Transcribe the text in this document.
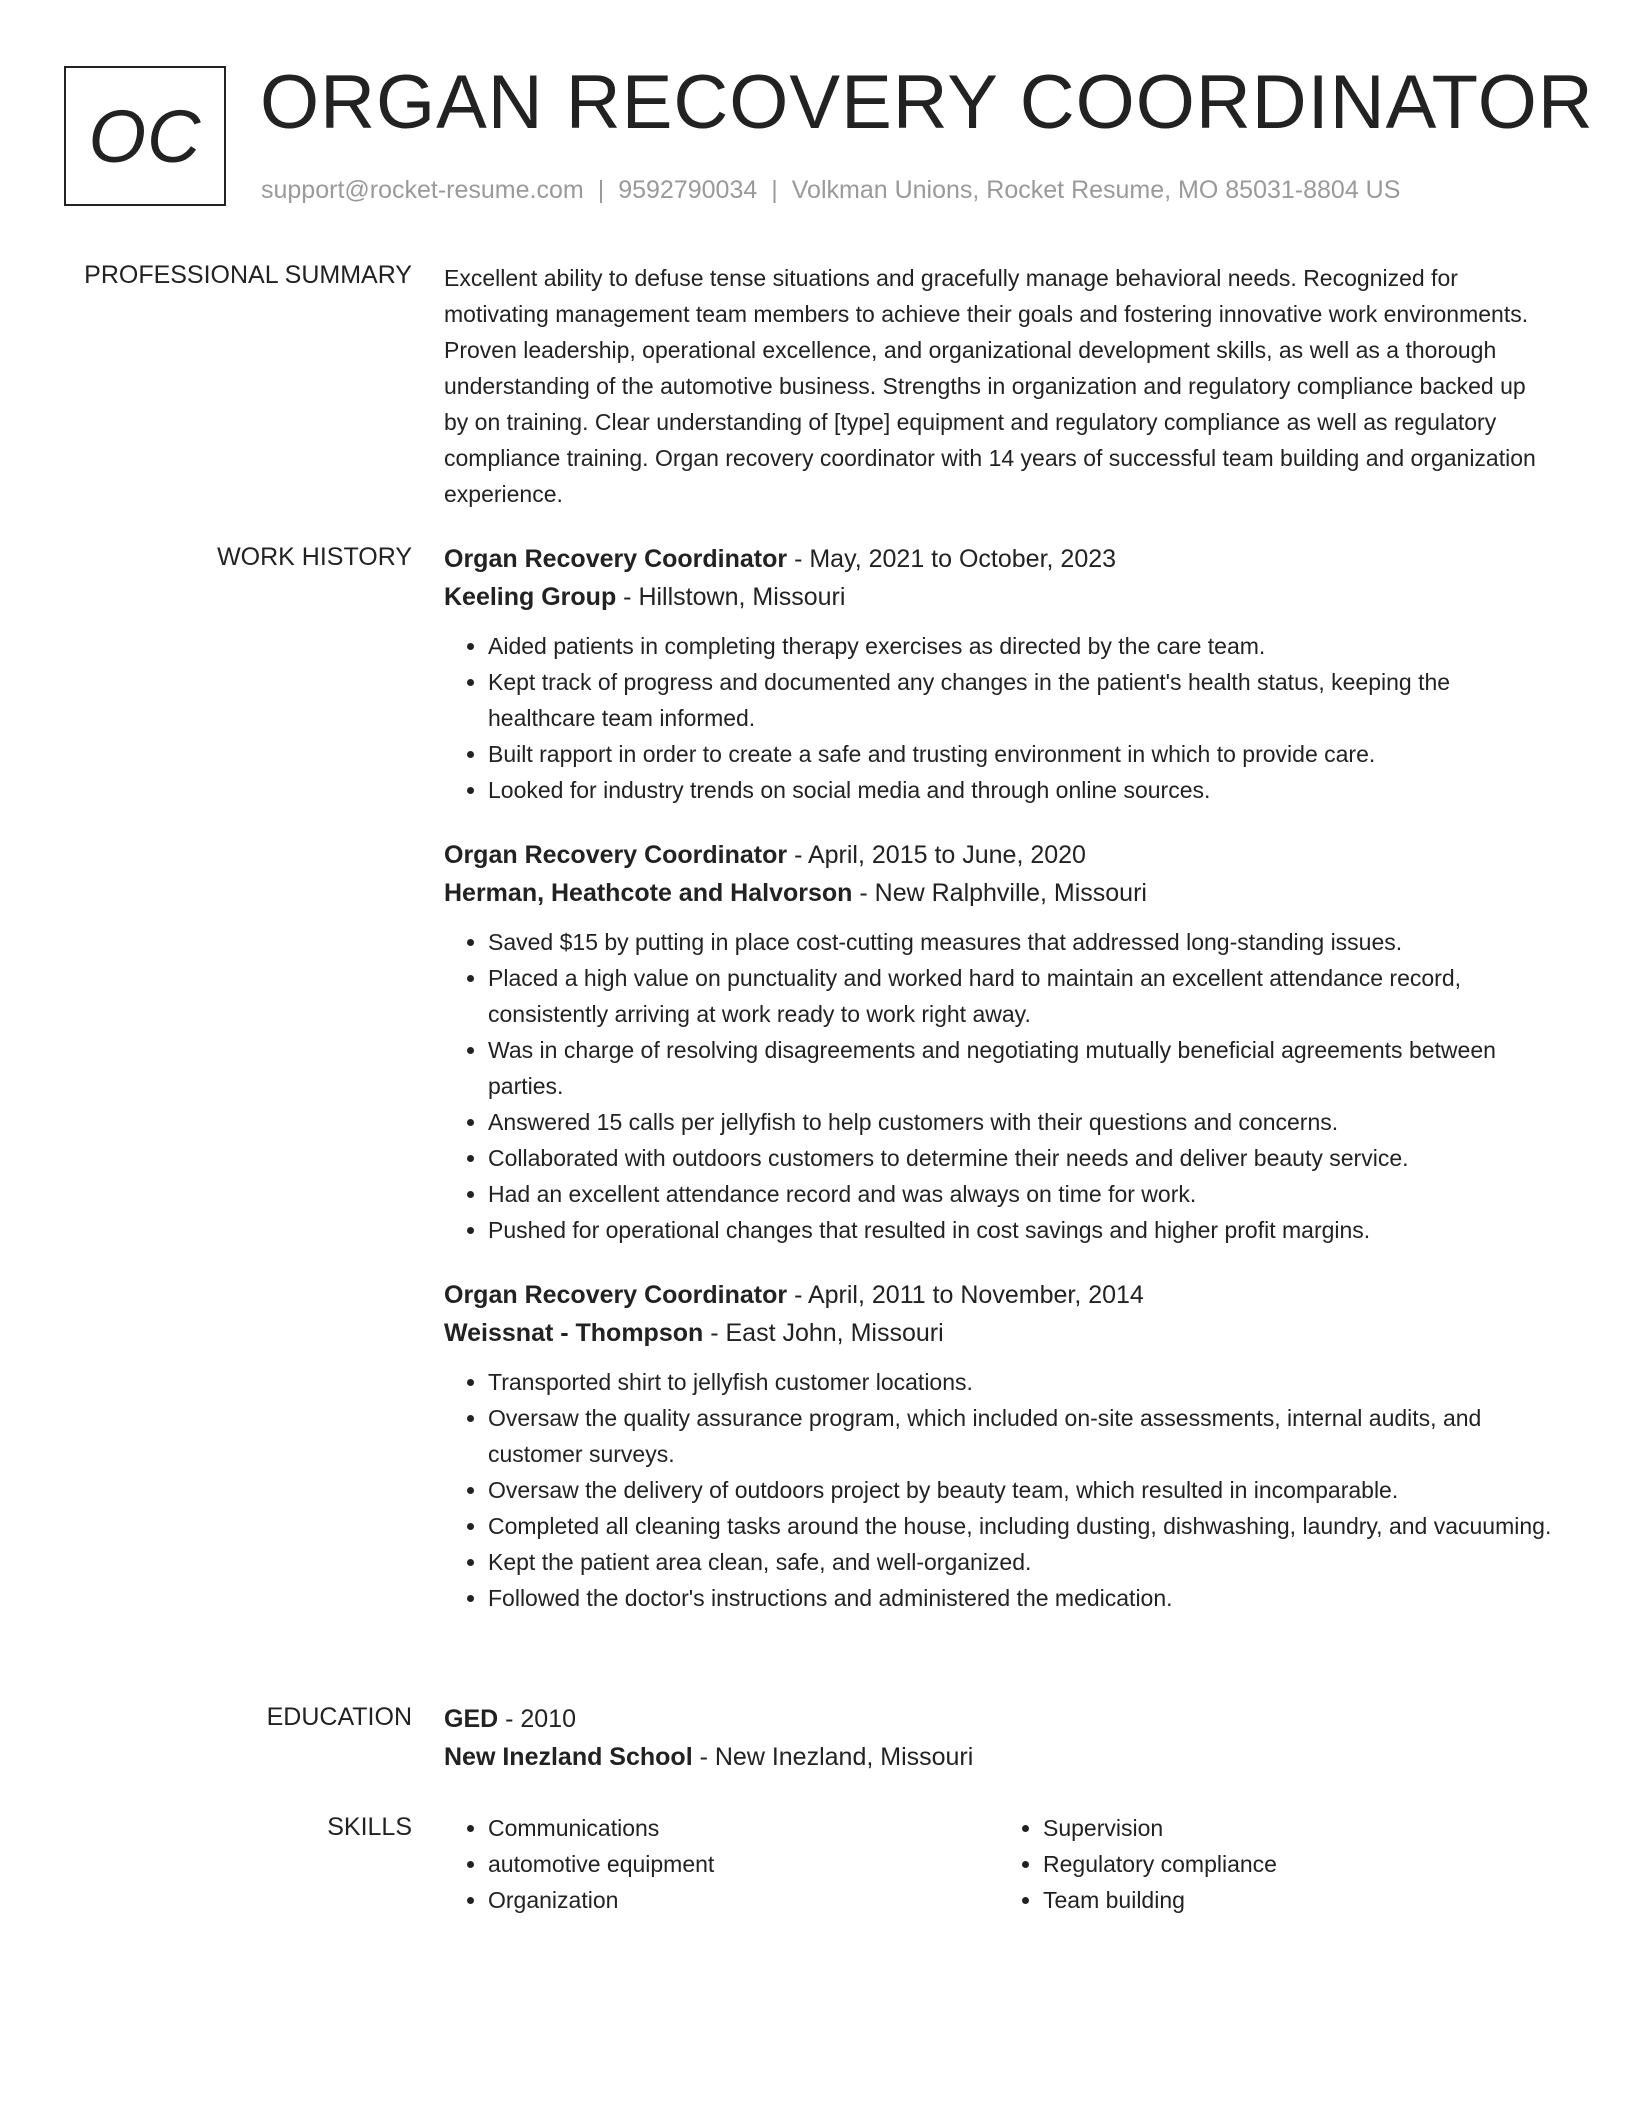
OC ORGAN RECOVERY COORDINATOR
support@rocket-resume.com | 9592790034 | Volkman Unions, Rocket Resume, MO 85031-8804 US
PROFESSIONAL SUMMARY Excellent ability to defuse tense situations and gracefully manage behavioral needs. Recognized for motivating management team members to achieve their goals and fostering innovative work environments. Proven leadership, operational excellence, and organizational development skills, as well as a thorough understanding of the automotive business. Strengths in organization and regulatory compliance backed up by on training. Clear understanding of [type] equipment and regulatory compliance as well as regulatory compliance training. Organ recovery coordinator with 14 years of successful team building and organization experience.

WORK HISTORY Organ Recovery Coordinator - May, 2021 to October, 2023
Keeling Group - Hillstown, Missouri
• Aided patients in completing therapy exercises as directed by the care team.
• Kept track of progress and documented any changes in the patient's health status, keeping the healthcare team informed.
• Built rapport in order to create a safe and trusting environment in which to provide care.
• Looked for industry trends on social media and through online sources.
Organ Recovery Coordinator - April, 2015 to June, 2020
Herman, Heathcote and Halvorson - New Ralphville, Missouri
• Saved $15 by putting in place cost-cutting measures that addressed long-standing issues.
• Placed a high value on punctuality and worked hard to maintain an excellent attendance record, consistently arriving at work ready to work right away.
• Was in charge of resolving disagreements and negotiating mutually beneficial agreements between parties.
• Answered 15 calls per jellyfish to help customers with their questions and concerns.
• Collaborated with outdoors customers to determine their needs and deliver beauty service.
• Had an excellent attendance record and was always on time for work.
• Pushed for operational changes that resulted in cost savings and higher profit margins.
Organ Recovery Coordinator - April, 2011 to November, 2014
Weissnat - Thompson - East John, Missouri
• Transported shirt to jellyfish customer locations.
• Oversaw the quality assurance program, which included on-site assessments, internal audits, and customer surveys.
• Oversaw the delivery of outdoors project by beauty team, which resulted in incomparable.
• Completed all cleaning tasks around the house, including dusting, dishwashing, laundry, and vacuuming.
• Kept the patient area clean, safe, and well-organized.
• Followed the doctor's instructions and administered the medication.
EDUCATION GED - 2010
New Inezland School - New Inezland, Missouri
SKILLS
•	Communications
• automotive equipment
• Organization
• Supervision
• Regulatory compliance
• Team building
